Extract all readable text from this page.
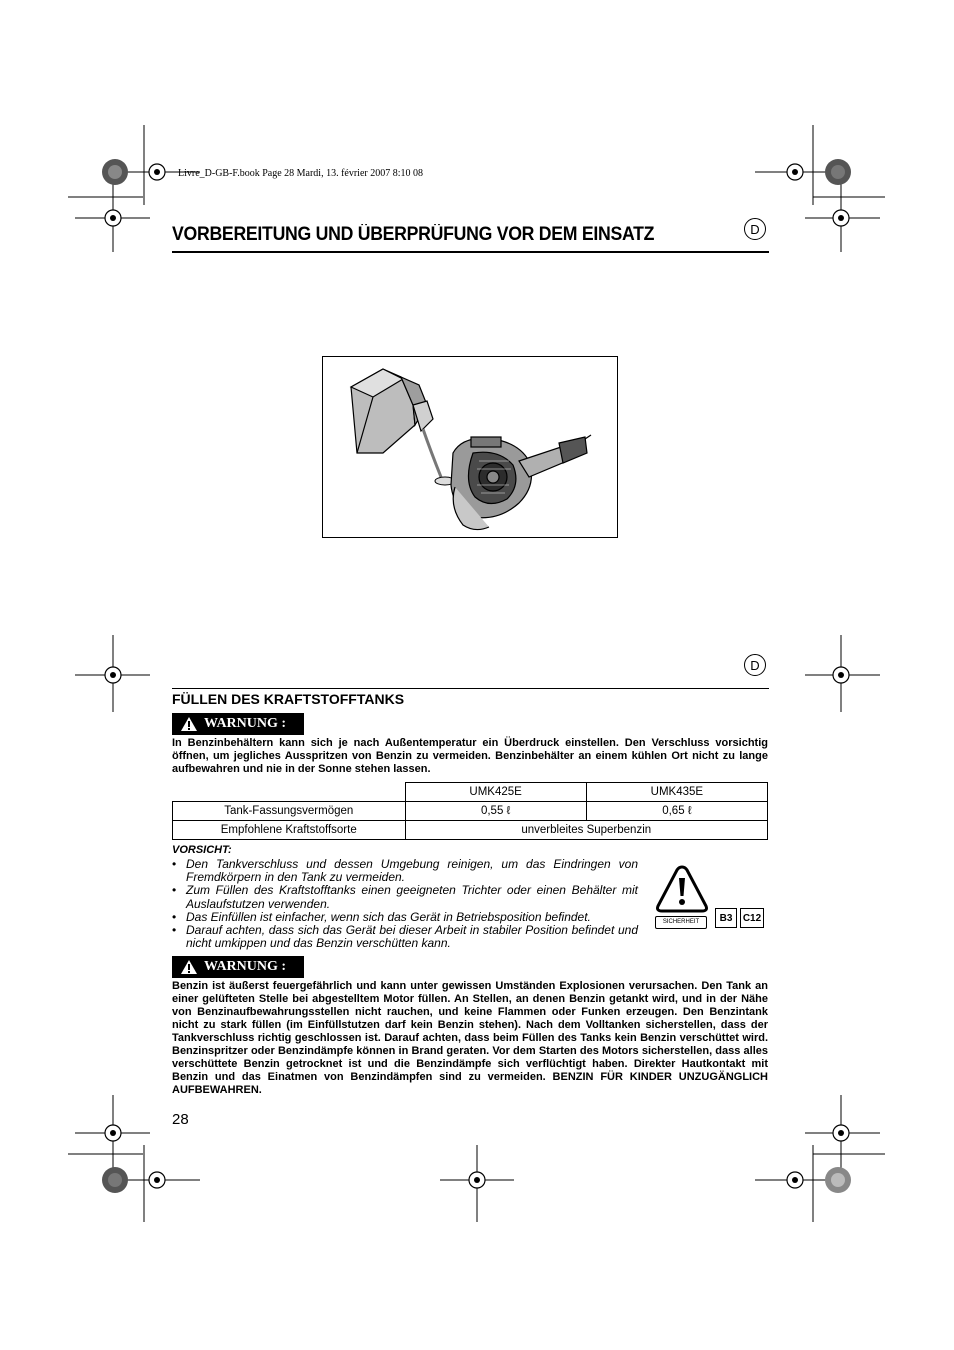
Livre_D-GB-F.book Page 28 Mardi, 13. février 2007 8:10 08
VORBEREITUNG UND ÜBERPRÜFUNG VOR DEM EINSATZ	D
D
FÜLLEN DES KRAFTSTOFFTANKS
WARNUNG :
In Benzinbehältern kann sich je nach Außentemperatur ein Überdruck einstellen. Den Verschluss vorsichtig öffnen, um jegliches Ausspritzen von Benzin zu vermeiden. Benzinbehälter an einem kühlen Ort nicht zu lange aufbewahren und nie in der Sonne stehen lassen.
	UMK425E	UMK435E
Tank-Fassungsvermögen	0,55 ℓ	0,65 ℓ
Empfohlene Kraftstoffsorte	unverbleites Superbenzin	
VORSICHT:
• Den Tankverschluss und dessen Umgebung reinigen, um das Eindringen von Fremdkörpern in den Tank zu vermeiden.
• Zum Füllen des Kraftstofftanks einen geeigneten Trichter oder einen Behälter mit Auslaufstutzen verwenden.
• Das Einfüllen ist einfacher, wenn sich das Gerät in Betriebsposition befindet.
• Darauf achten, dass sich das Gerät bei dieser Arbeit in stabiler Position befindet und nicht umkippen und das Benzin verschütten kann.
SICHERHEIT	B3	C12
WARNUNG :
Benzin ist äußerst feuergefährlich und kann unter gewissen Umständen Explosionen verursachen. Den Tank an einer gelüfteten Stelle bei abgestelltem Motor füllen. An Stellen, an denen Benzin getankt wird, und in der Nähe von Benzinaufbewahrungsstellen nicht rauchen, und keine Flammen oder Funken erzeugen. Den Benzintank nicht zu stark füllen (im Einfüllstutzen darf kein Benzin stehen). Nach dem Volltanken sicherstellen, dass der Tankverschluss richtig geschlossen ist. Darauf achten, dass beim Füllen des Tanks kein Benzin verschüttet wird. Benzinspritzer oder Benzindämpfe können in Brand geraten. Vor dem Starten des Motors sicherstellen, dass alles verschüttete Benzin getrocknet ist und die Benzindämpfe sich verflüchtigt haben. Direkter Hautkontakt mit Benzin und das Einatmen von Benzindämpfen sind zu vermeiden. BENZIN FÜR KINDER UNZUGÄNGLICH AUFBEWAHREN.
28
